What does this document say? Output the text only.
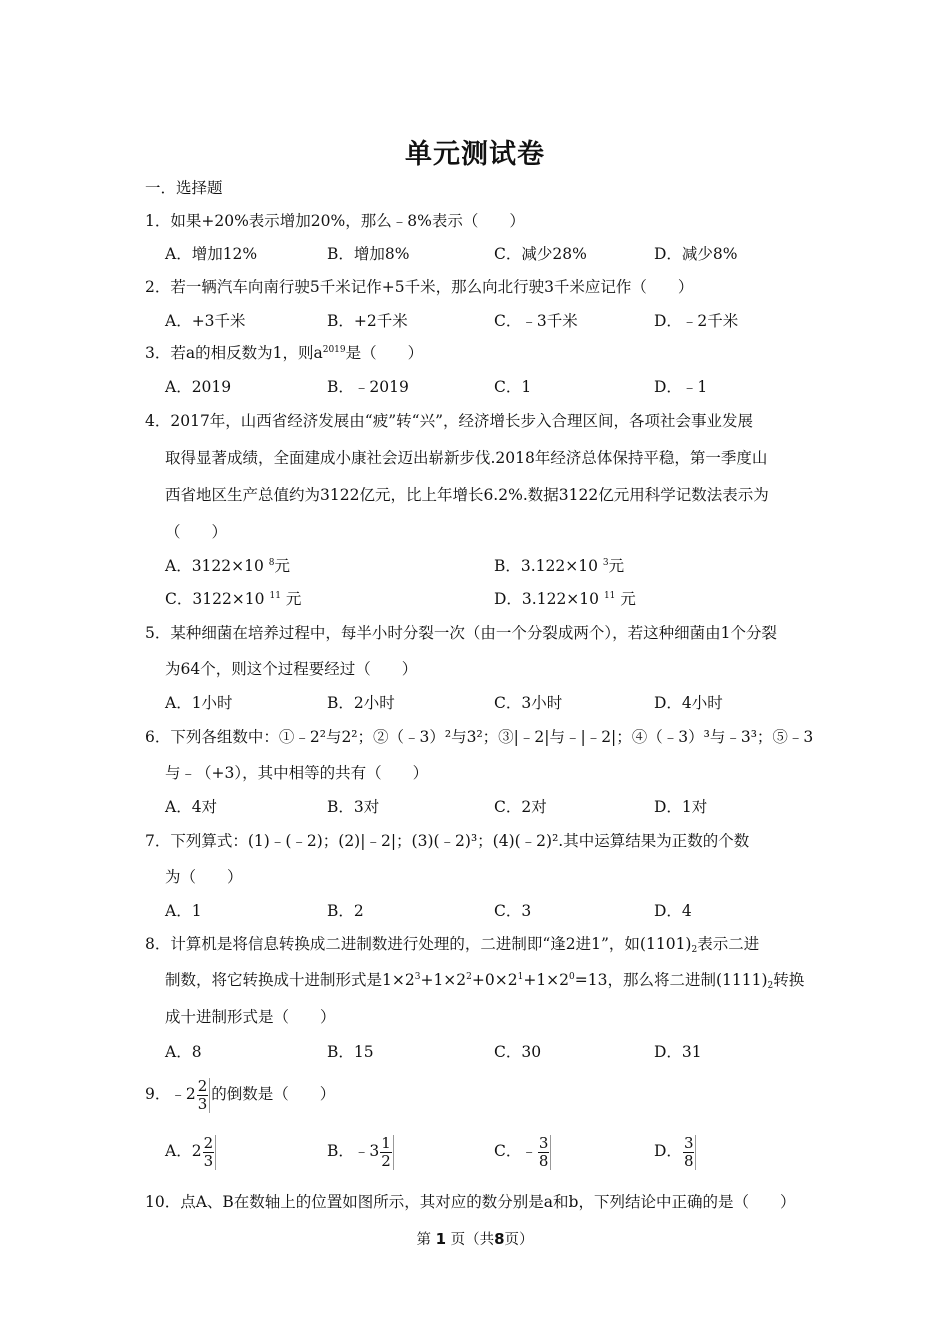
单元测试卷
一．选择题
1．如果+20%表示增加20%，那么﹣8%表示（　　）
A．增加12%	B．增加8%	C．减少28%	D．减少8%
2．若一辆汽车向南行驶5千米记作+5千米，那么向北行驶3千米应记作（　　）
A．+3千米	B．+2千米	C．﹣3千米	D．﹣2千米
3．若a的相反数为1，则$a^{2019}$是（　　）
A．2019	B．﹣2019	C．1	D．﹣1
4．2017年，山西省经济发展由“疲”转“兴”，经济增长步入合理区间，各项社会事业发展
取得显著成绩，全面建成小康社会迈出崭新步伐.2018年经济总体保持平稳，第一季度山
西省地区生产总值约为3122亿元，比上年增长6.2%.数据3122亿元用科学记数法表示为
（　　）
A．3122×10 $^8$元	B．3.122×10 $^3$元
C．3122×10 $^{11}$ 元	D．3.122×10 $^{11}$ 元
5．某种细菌在培养过程中，每半小时分裂一次（由一个分裂成两个），若这种细菌由1个分裂
为64个，则这个过程要经过（　　）
A．1小时	B．2小时	C．3小时	D．4小时
6．下列各组数中：①﹣2²与2²；②（﹣3）²与3²；③|﹣2|与﹣|﹣2|；④（﹣3）³与﹣3³；⑤﹣3
与﹣（+3），其中相等的共有（　　）
A．4对	B．3对	C．2对	D．1对
7．下列算式：(1)﹣(﹣2)；(2)|﹣2|；(3)(﹣2)³；(4)(﹣2)².其中运算结果为正数的个数
为（　　）
A．1	B．2	C．3	D．4
8．计算机是将信息转换成二进制数进行处理的，二进制即“逢2进1”，如$(1101)_2$表示二进
制数，将它转换成十进制形式是$1\times 2^3+1\times 2^2+0\times 2^1+1\times 2^0=13$，那么将二进制$(1111)_2$转换
成十进制形式是（　　）
A．8	B．15	C．30	D．31
9．﹣2 $\frac{2}{3}$ 的倒数是（　　）
A．$2 \frac{2}{3}$	B．﹣3 $\frac{1}{2}$	C．﹣ $\frac{3}{8}$	D． $\frac{3}{8}$
10．点A、B在数轴上的位置如图所示，其对应的数分别是a和b，下列结论中正确的是（　　）
第 1 页（共8页）
